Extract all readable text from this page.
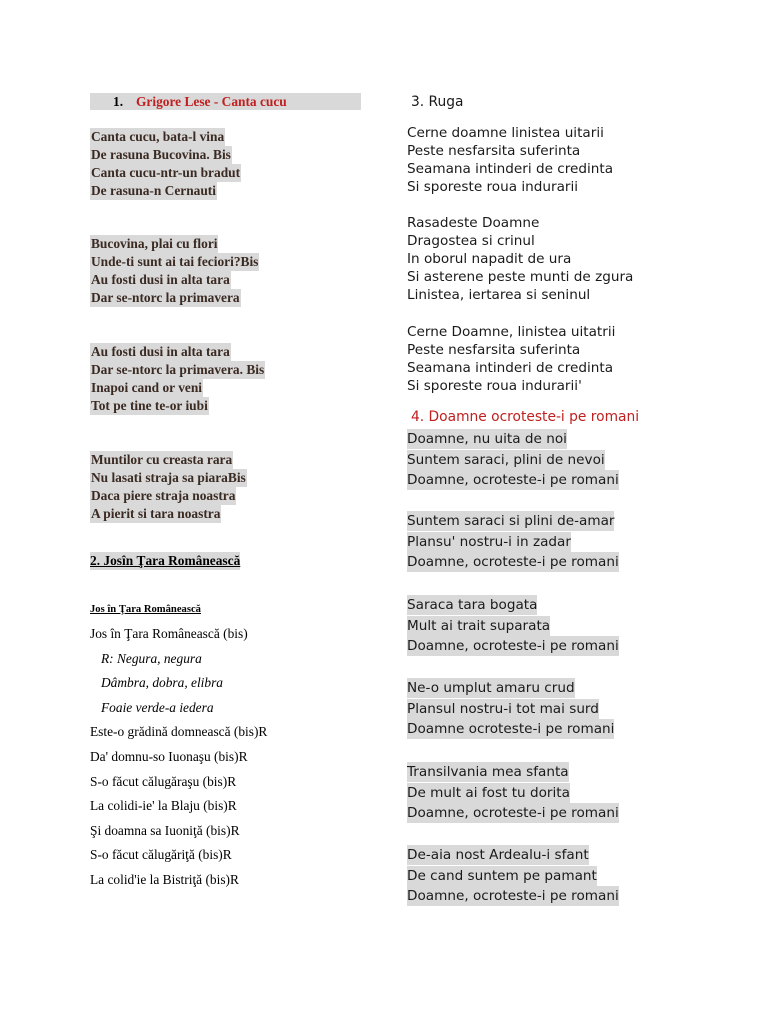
1. Grigore Lese - Canta cucu
Canta cucu, bata-l vina
De rasuna Bucovina. Bis
Canta cucu-ntr-un bradut
De rasuna-n Cernauti
Bucovina, plai cu flori
Unde-ti sunt ai tai feciori?Bis
Au fosti dusi in alta tara
Dar se-ntorc la primavera
Au fosti dusi in alta tara
Dar se-ntorc la primavera. Bis
Inapoi cand or veni
Tot pe tine te-or iubi
Muntilor cu creasta rara
Nu lasati straja sa piaraBis
Daca piere straja noastra
A pierit si tara noastra
2. Josîn Ţara Românească
Jos în Ţara Românească
Jos în Ţara Românească (bis)
R: Negura, negura
Dâmbra, dobra, elibra
Foaie verde-a iedera
Este-o grădină domnească (bis)R
Da' domnu-so Iuonaşu (bis)R
S-o făcut călugăraşu (bis)R
La colidi-ie' la Blaju (bis)R
Şi doamna sa Iuoniţă (bis)R
S-o făcut călugăriţă (bis)R
La colid'ie la Bistriţă (bis)R
3. Ruga
Cerne doamne linistea uitarii
Peste nesfarsita suferinta
Seamana intinderi de credinta
Si sporeste roua indurarii
Rasadeste Doamne
Dragostea si crinul
In oborul napadit de ura
Si asterene peste munti de zgura
Linistea, iertarea si seninul
Cerne Doamne, linistea uitatrii
Peste nesfarsita suferinta
Seamana intinderi de credinta
Si sporeste roua indurarii'
4. Doamne ocroteste-i pe romani
Doamne, nu uita de noi
Suntem saraci, plini de nevoi
Doamne, ocroteste-i pe romani
Suntem saraci si plini de-amar
Plansu' nostru-i in zadar
Doamne, ocroteste-i pe romani
Saraca tara bogata
Mult ai trait suparata
Doamne, ocroteste-i pe romani
Ne-o umplut amaru crud
Plansul nostru-i tot mai surd
Doamne ocroteste-i pe romani
Transilvania mea sfanta
De mult ai fost tu dorita
Doamne, ocroteste-i pe romani
De-aia nost Ardealu-i sfant
De cand suntem pe pamant
Doamne, ocroteste-i pe romani
